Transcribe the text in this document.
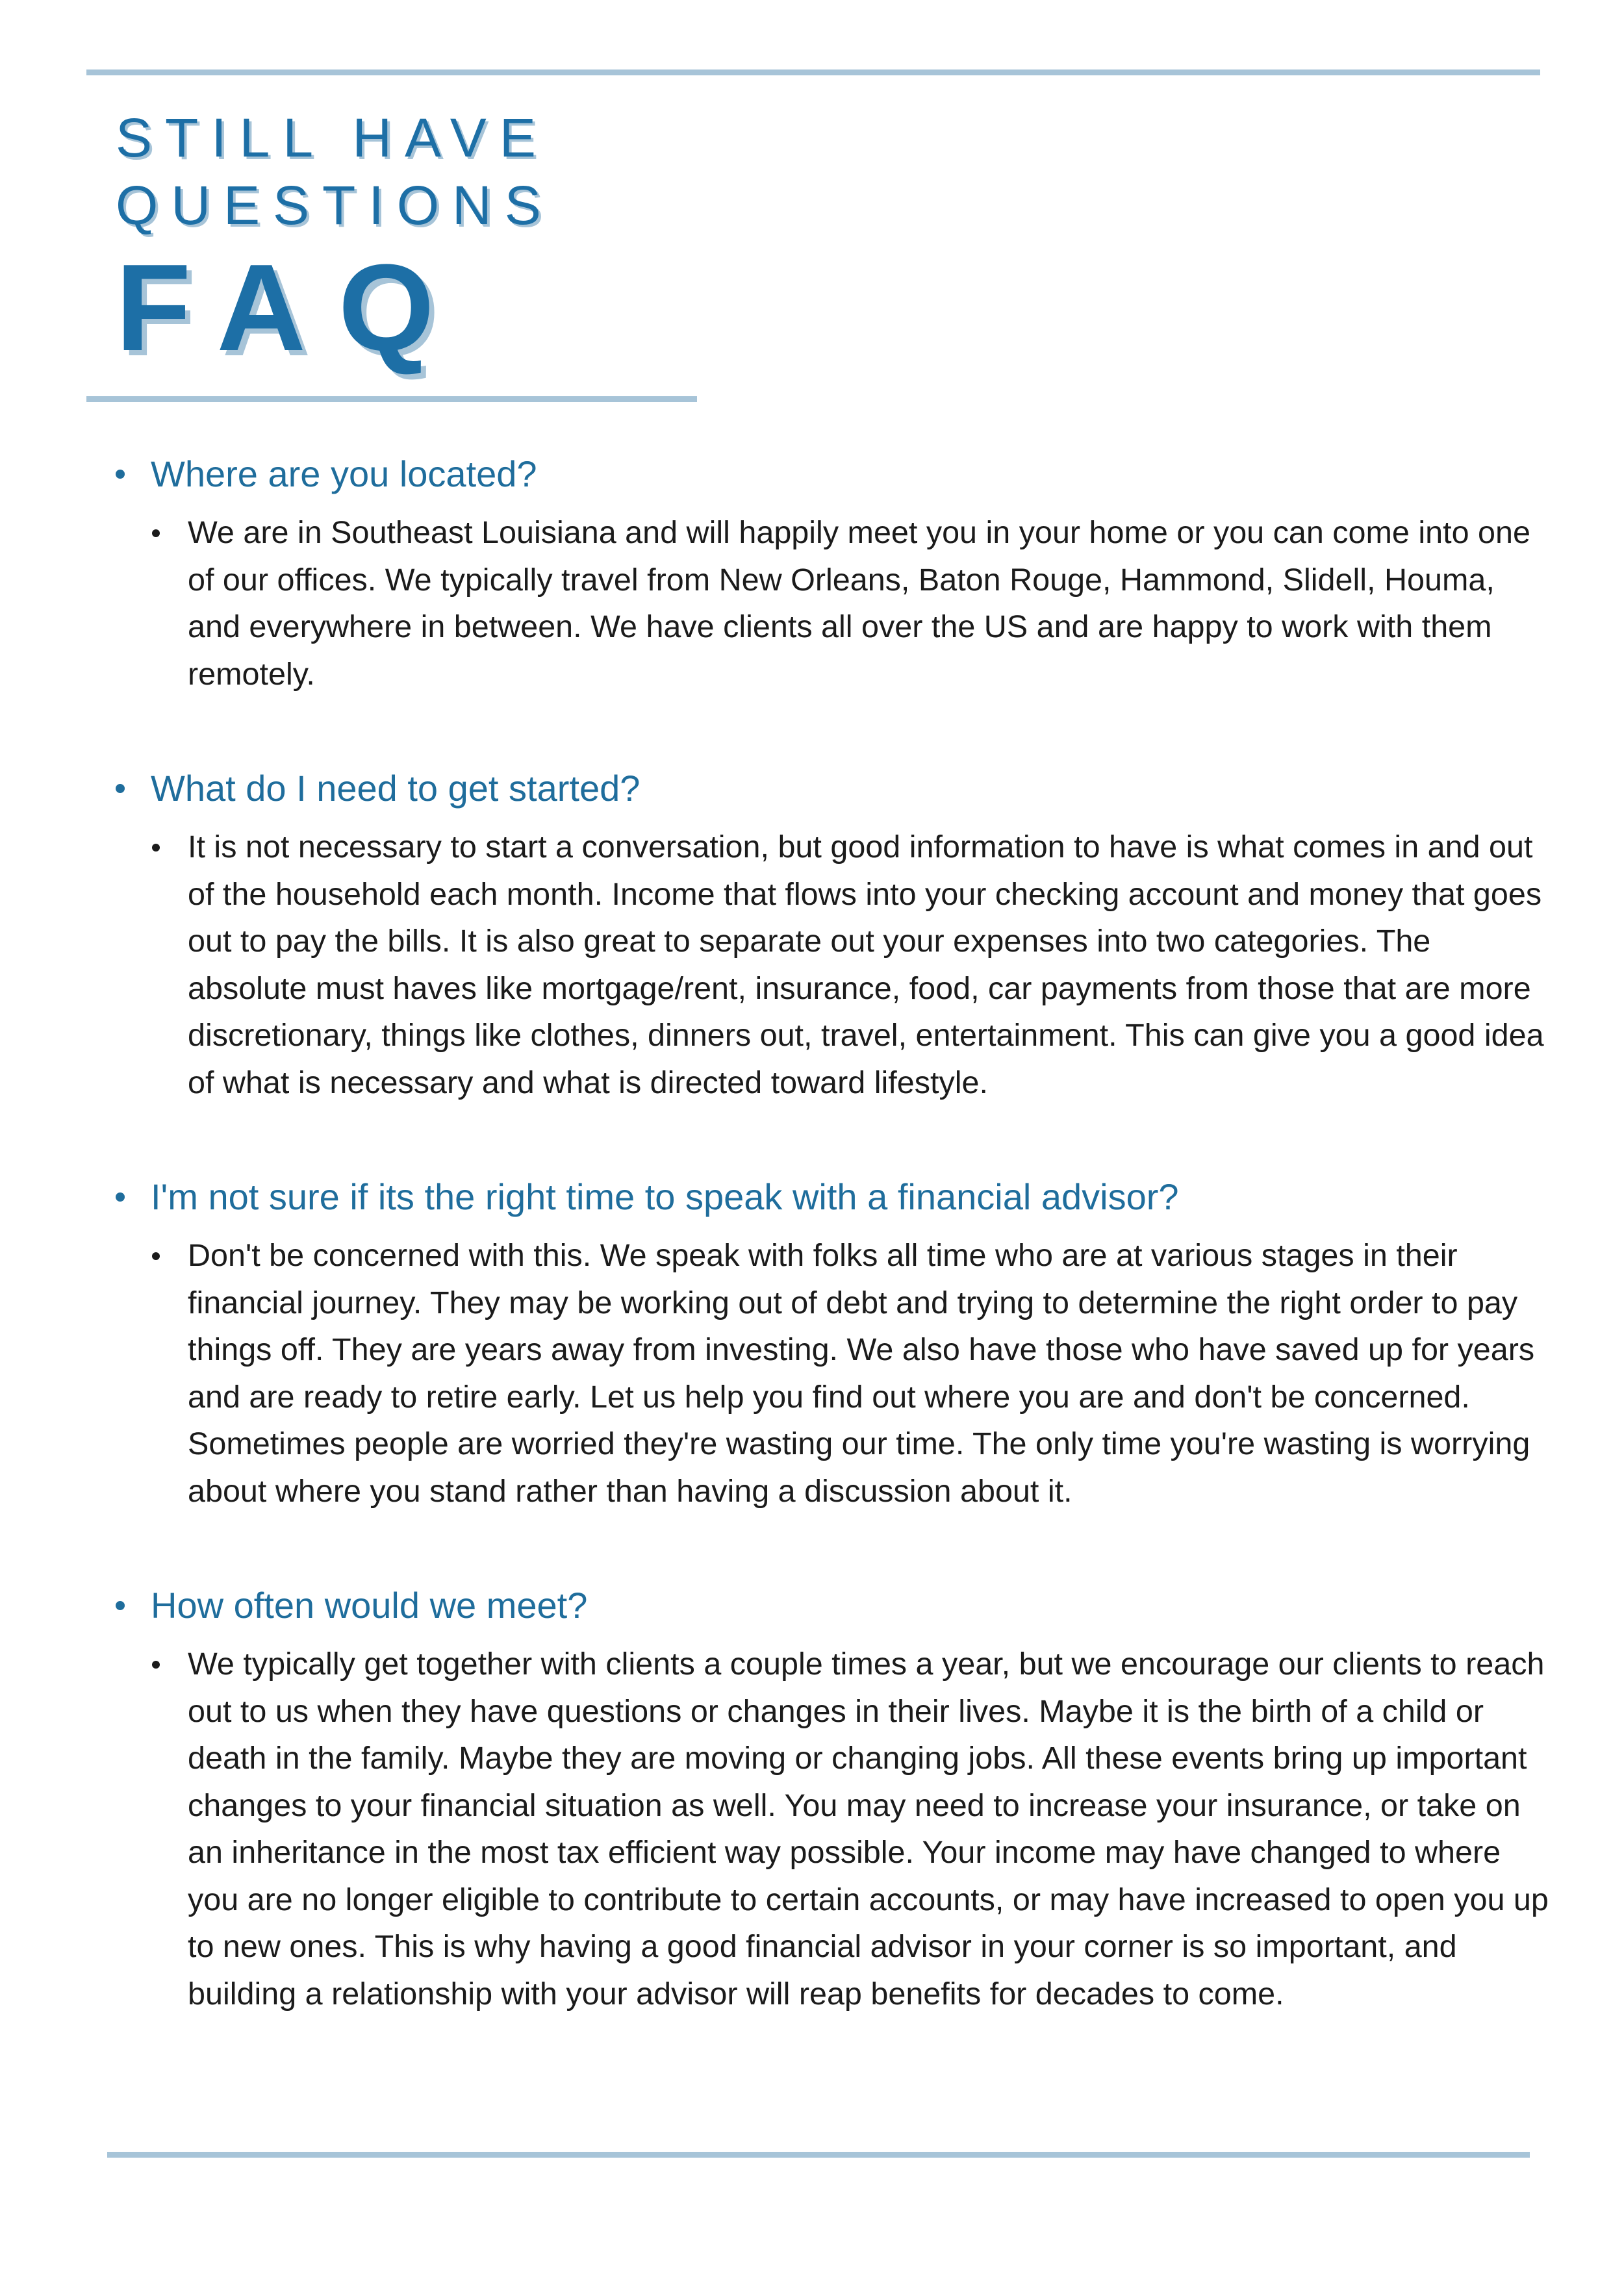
STILL HAVE
QUESTIONS
FAQ
Where are you located?
We are in Southeast Louisiana and will happily meet you in your home or you can come into one of our offices. We typically travel from New Orleans, Baton Rouge, Hammond, Slidell, Houma, and everywhere in between. We have clients all over the US and are happy to work with them remotely.
What do I need to get started?
It is not necessary to start a conversation, but good information to have is what comes in and out of the household each month. Income that flows into your checking account and money that goes out to pay the bills. It is also great to separate out your expenses into two categories. The absolute must haves like mortgage/rent, insurance, food, car payments from those that are more discretionary, things like clothes, dinners out, travel, entertainment. This can give you a good idea of what is necessary and what is directed toward lifestyle.
I'm not sure if its the right time to speak with a financial advisor?
Don't be concerned with this. We speak with folks all time who are at various stages in their financial journey. They may be working out of debt and trying to determine the right order to pay things off. They are years away from investing. We also have those who have saved up for years and are ready to retire early. Let us help you find out where you are and don't be concerned. Sometimes people are worried they're wasting our time. The only time you're wasting is worrying about where you stand rather than having a discussion about it.
How often would we meet?
We typically get together with clients a couple times a year, but we encourage our clients to reach out to us when they have questions or changes in their lives. Maybe it is the birth of a child or death in the family. Maybe they are moving or changing jobs. All these events bring up important changes to your financial situation as well. You may need to increase your insurance, or take on an inheritance in the most tax efficient way possible. Your income may have changed to where you are no longer eligible to contribute to certain accounts, or may have increased to open you up to new ones. This is why having a good financial advisor in your corner is so important, and building a relationship with your advisor will reap benefits for decades to come.
